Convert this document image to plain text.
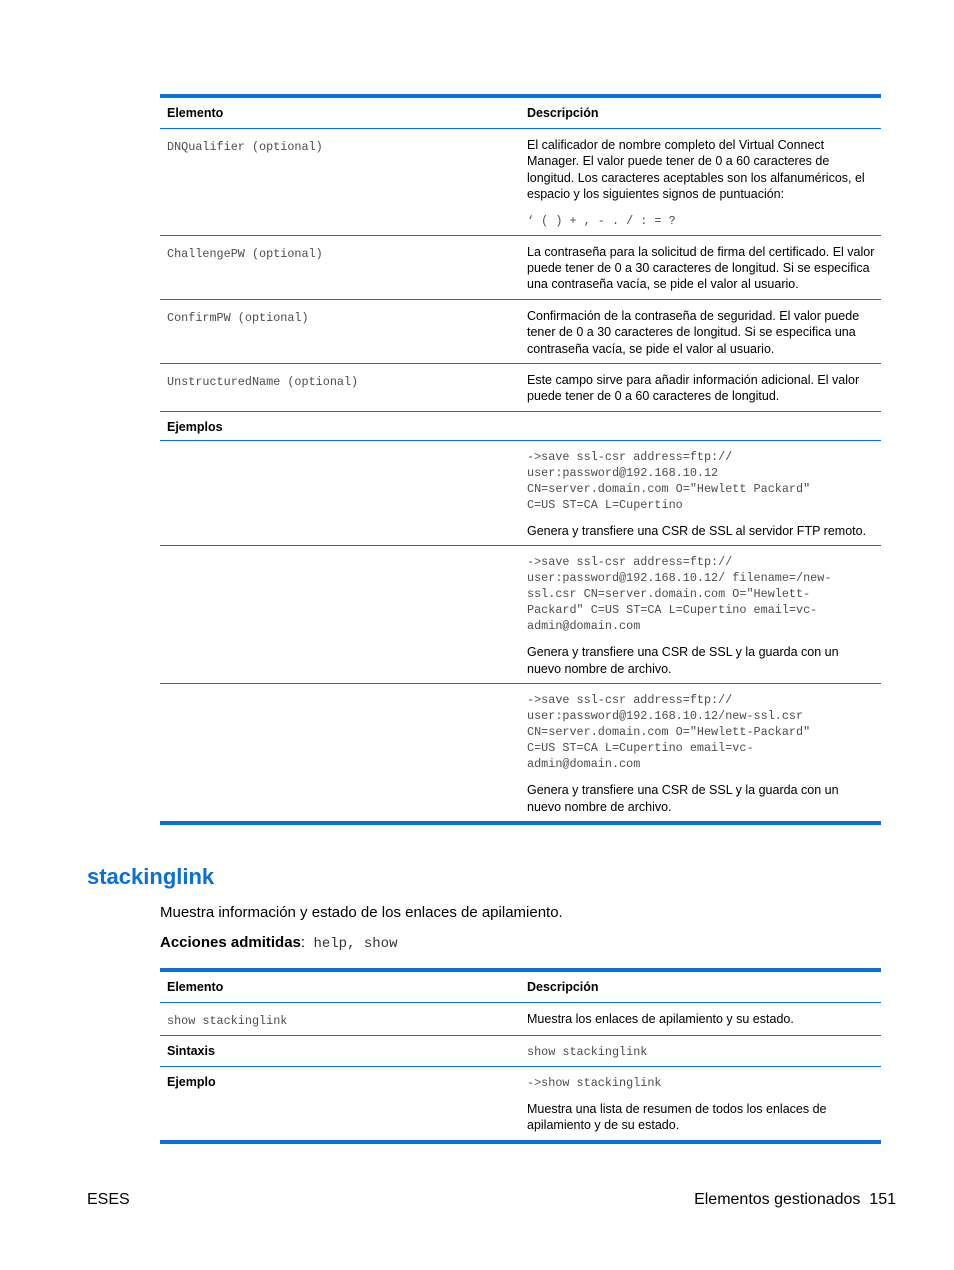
Elemento	Descripción
DNQualifier (optional)	El calificador de nombre completo del Virtual Connect Manager. El valor puede tener de 0 a 60 caracteres de longitud. Los caracteres aceptables son los alfanuméricos, el espacio y los siguientes signos de puntuación:
‘ ( ) + , - . / : = ?
ChallengePW (optional)	La contraseña para la solicitud de firma del certificado. El valor puede tener de 0 a 30 caracteres de longitud. Si se especifica una contraseña vacía, se pide el valor al usuario.
ConfirmPW (optional)	Confirmación de la contraseña de seguridad. El valor puede tener de 0 a 30 caracteres de longitud. Si se especifica una contraseña vacía, se pide el valor al usuario.
UnstructuredName (optional)	Este campo sirve para añadir información adicional. El valor puede tener de 0 a 60 caracteres de longitud.
Ejemplos
->save ssl-csr address=ftp://
user:password@192.168.10.12
CN=server.domain.com O="Hewlett Packard"
C=US ST=CA L=Cupertino
Genera y transfiere una CSR de SSL al servidor FTP remoto.
->save ssl-csr address=ftp://
user:password@192.168.10.12/ filename=/new-
ssl.csr CN=server.domain.com O="Hewlett-
Packard" C=US ST=CA L=Cupertino email=vc-
admin@domain.com
Genera y transfiere una CSR de SSL y la guarda con un nuevo nombre de archivo.
->save ssl-csr address=ftp://
user:password@192.168.10.12/new-ssl.csr
CN=server.domain.com O="Hewlett-Packard"
C=US ST=CA L=Cupertino email=vc-
admin@domain.com
Genera y transfiere una CSR de SSL y la guarda con un nuevo nombre de archivo.
stackinglink

Muestra información y estado de los enlaces de apilamiento.

Acciones admitidas: help, show

Elemento	Descripción
show stackinglink	Muestra los enlaces de apilamiento y su estado.
Sintaxis	show stackinglink
Ejemplo	->show stackinglink
Muestra una lista de resumen de todos los enlaces de apilamiento y de su estado.
ESES	Elementos gestionados 151
